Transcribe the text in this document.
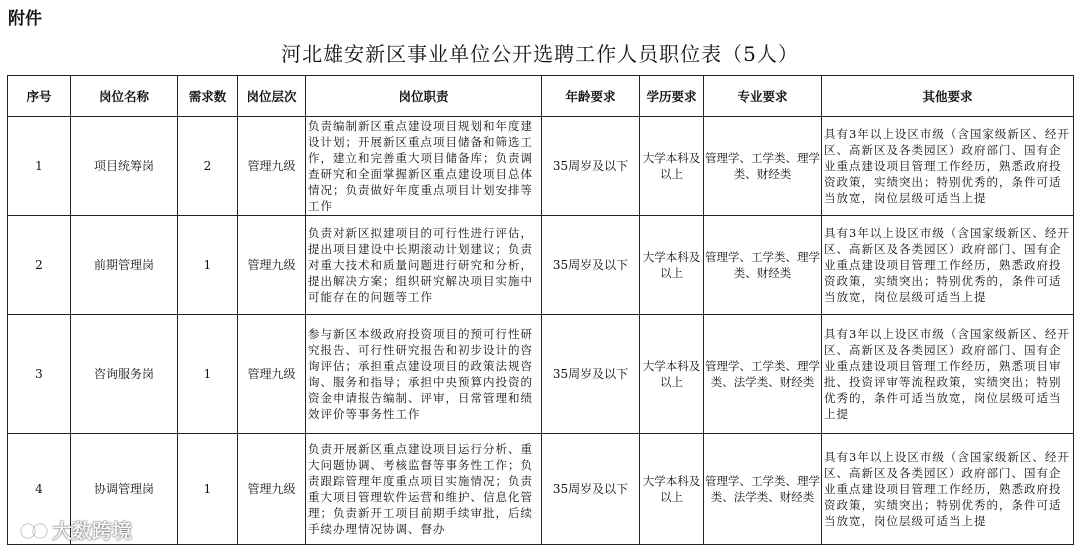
附件
河北雄安新区事业单位公开选聘工作人员职位表（5人）
序号	岗位名称	需求数	岗位层次	岗位职责	年龄要求	学历要求	专业要求	其他要求
1	项目统筹岗	2	管理九级	负责编制新区重点建设项目规划和年度建设计划；开展新区重点项目储备和筛选工作，建立和完善重大项目储备库；负责调查研究和全面掌握新区重点建设项目总体情况；负责做好年度重点项目计划安排等工作	35周岁及以下	大学本科及以上	管理学、工学类、理学类、财经类	具有3年以上设区市级（含国家级新区、经开区、高新区及各类园区）政府部门、国有企业重点建设项目管理工作经历，熟悉政府投资政策，实绩突出；特别优秀的，条件可适当放宽，岗位层级可适当上提
2	前期管理岗	1	管理九级	负责对新区拟建项目的可行性进行评估，提出项目建设中长期滚动计划建议；负责对重大技术和质量问题进行研究和分析，提出解决方案；组织研究解决项目实施中可能存在的问题等工作	35周岁及以下	大学本科及以上	管理学、工学类、理学类、财经类	具有3年以上设区市级（含国家级新区、经开区、高新区及各类园区）政府部门、国有企业重点建设项目管理工作经历，熟悉政府投资政策，实绩突出；特别优秀的，条件可适当放宽，岗位层级可适当上提
3	咨询服务岗	1	管理九级	参与新区本级政府投资项目的预可行性研究报告、可行性研究报告和初步设计的咨询评估；承担重点建设项目的政策法规咨询、服务和指导；承担中央预算内投资的资金申请报告编制、评审，日常管理和绩效评价等事务性工作	35周岁及以下	大学本科及以上	管理学、工学类、理学类、法学类、财经类	具有3年以上设区市级（含国家级新区、经开区、高新区及各类园区）政府部门、国有企业重点建设项目管理工作经历，熟悉项目审批、投资评审等流程政策，实绩突出；特别优秀的，条件可适当放宽，岗位层级可适当上提
4	协调管理岗	1	管理九级	负责开展新区重点建设项目运行分析、重大问题协调、考核监督等事务性工作；负责跟踪管理年度重点项目实施情况；负责重大项目管理软件运营和维护、信息化管理；负责新开工项目前期手续审批，后续手续办理情况协调、督办	35周岁及以下	大学本科及以上	管理学、工学类、理学类、法学类、财经类	具有3年以上设区市级（含国家级新区、经开区、高新区及各类园区）政府部门、国有企业重点建设项目管理工作经历，熟悉政府投资政策，实绩突出；特别优秀的，条件可适当放宽，岗位层级可适当上提
大数跨境
